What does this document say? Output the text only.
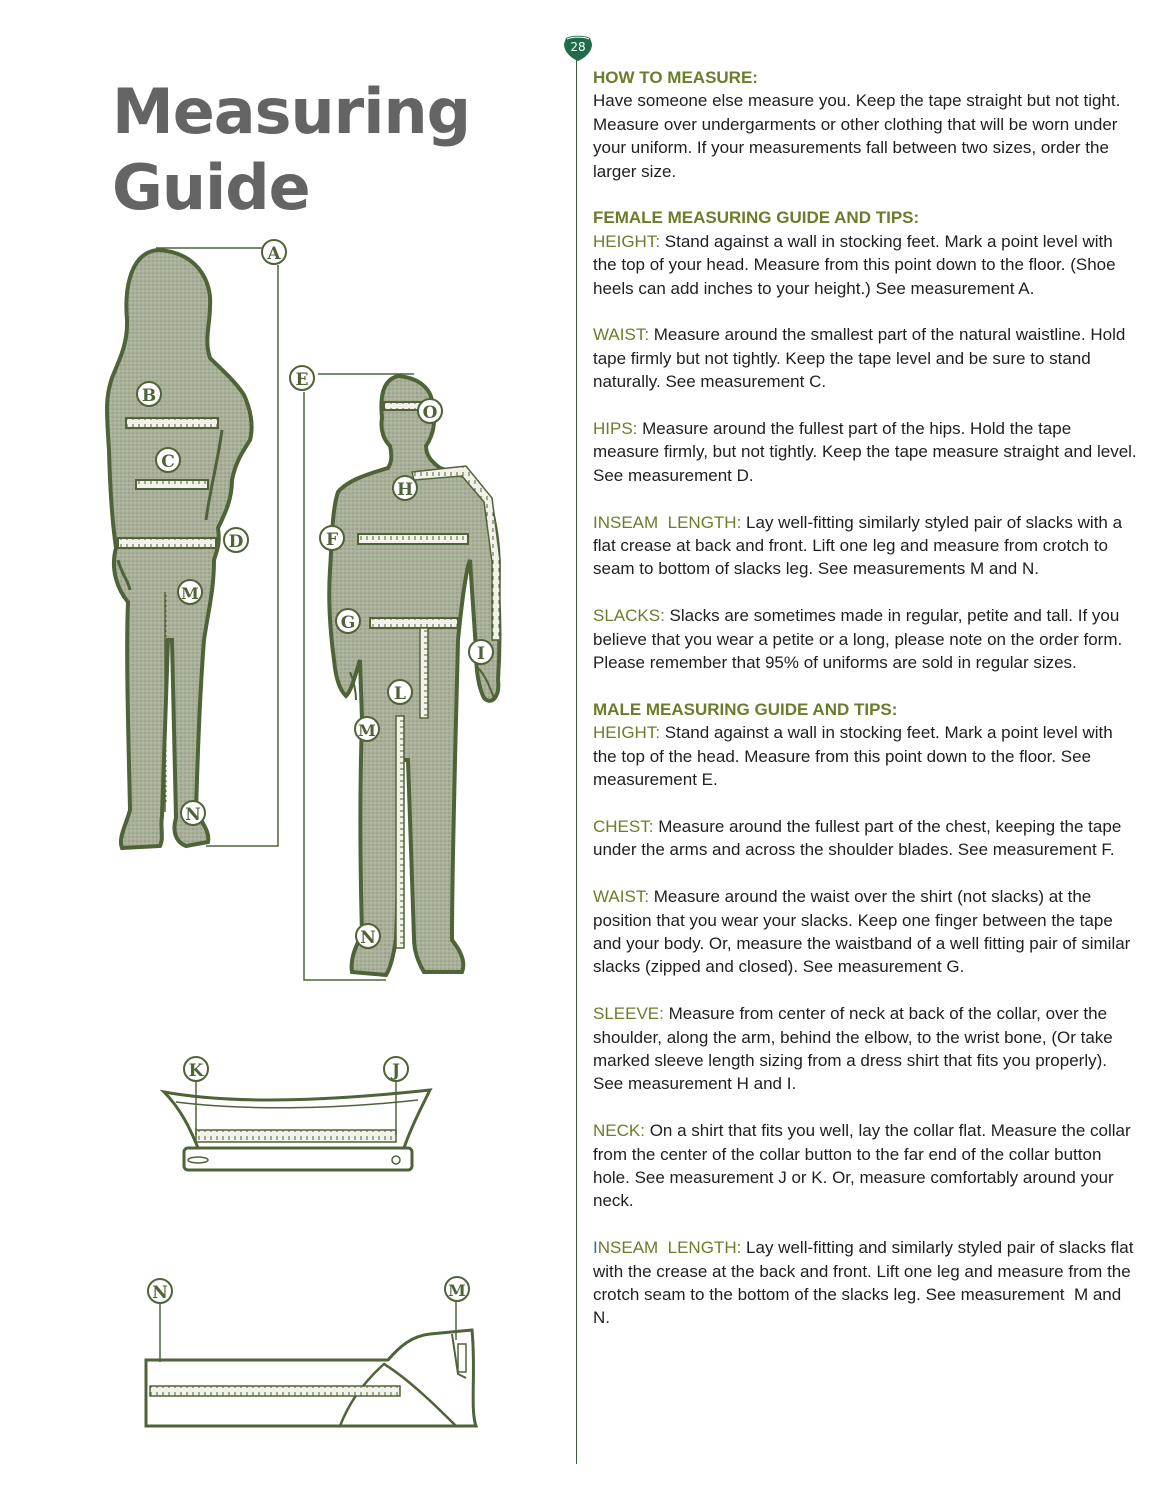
Measuring
Guide
A
B
C
D
M
N
E
O
H
F
G
I
L
M
N
K	J
N	M
28

HOW TO MEASURE:
Have someone else measure you. Keep the tape straight but not tight. Measure over undergarments or other clothing that will be worn under your uniform. If your measurements fall between two sizes, order the larger size.

FEMALE MEASURING GUIDE AND TIPS:
HEIGHT: Stand against a wall in stocking feet. Mark a point level with the top of your head. Measure from this point down to the floor. (Shoe heels can add inches to your height.) See measurement A.

WAIST: Measure around the smallest part of the natural waistline. Hold tape firmly but not tightly. Keep the tape level and be sure to stand naturally. See measurement C.

HIPS: Measure around the fullest part of the hips. Hold the tape measure firmly, but not tightly. Keep the tape measure straight and level. See measurement D.

INSEAM  LENGTH: Lay well-fitting similarly styled pair of slacks with a flat crease at back and front. Lift one leg and measure from crotch to seam to bottom of slacks leg. See measurements M and N.

SLACKS: Slacks are sometimes made in regular, petite and tall. If you believe that you wear a petite or a long, please note on the order form. Please remember that 95% of uniforms are sold in regular sizes.

MALE MEASURING GUIDE AND TIPS:
HEIGHT: Stand against a wall in stocking feet. Mark a point level with the top of the head. Measure from this point down to the floor. See measurement E.

CHEST: Measure around the fullest part of the chest, keeping the tape under the arms and across the shoulder blades. See measurement F.

WAIST: Measure around the waist over the shirt (not slacks) at the position that you wear your slacks. Keep one finger between the tape and your body. Or, measure the waistband of a well fitting pair of similar slacks (zipped and closed). See measurement G.

SLEEVE: Measure from center of neck at back of the collar, over the shoulder, along the arm, behind the elbow, to the wrist bone, (Or take marked sleeve length sizing from a dress shirt that fits you properly). See measurement H and I.

NECK: On a shirt that fits you well, lay the collar flat. Measure the collar from the center of the collar button to the far end of the collar button hole. See measurement J or K. Or, measure comfortably around your neck.

INSEAM  LENGTH: Lay well-fitting and similarly styled pair of slacks flat with the crease at the back and front. Lift one leg and measure from the crotch seam to the bottom of the slacks leg. See measurement  M and N.
